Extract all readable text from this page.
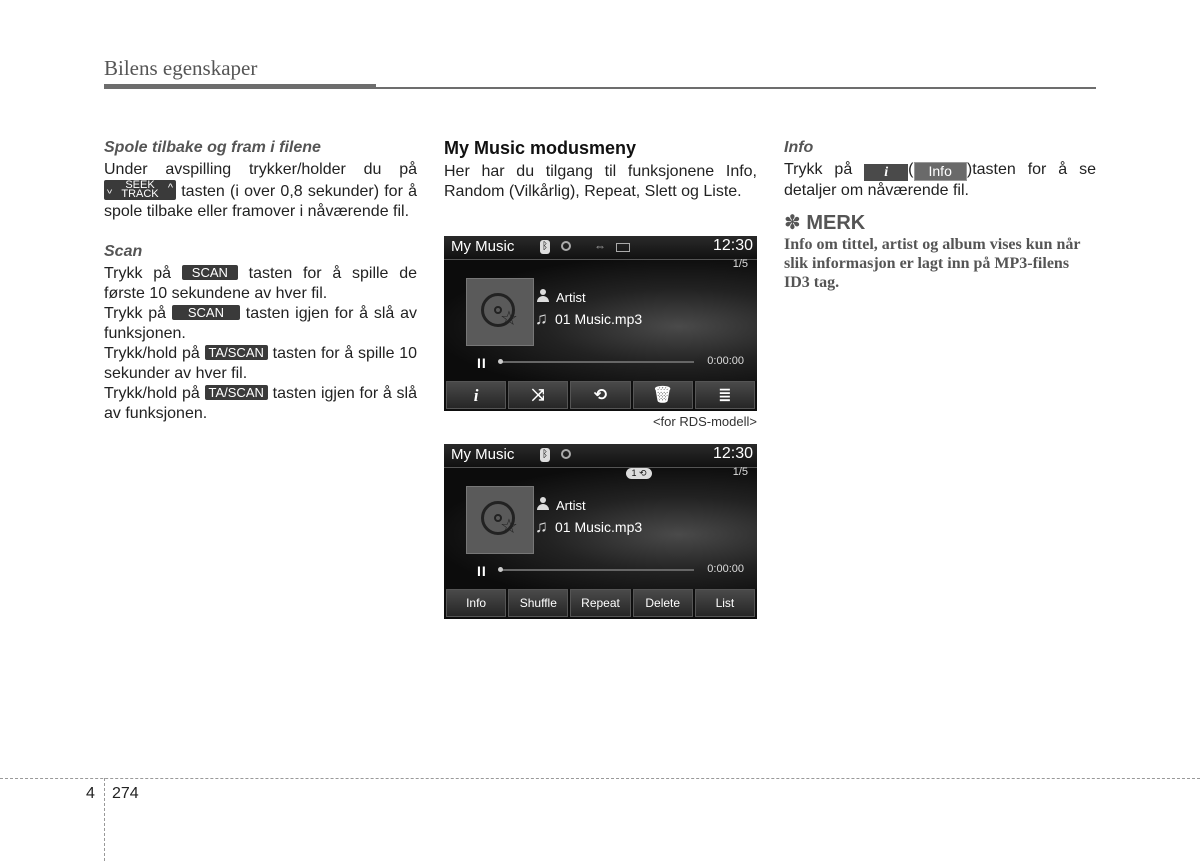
Bilens egenskaper
Spole tilbake og fram i filene

Under avspilling trykker/holder du på
^	SEEK
TRACK ^ tasten (i over 0,8 sekunder) for å spole tilbake eller framover i nåværende fil.

Scan

Trykk på SCAN tasten for å spille de første 10 sekundene av hver fil.

Trykk på SCAN tasten igjen for å slå av funksjonen.

Trykk/hold på TA/SCAN tasten for å spille 10 sekunder av hver fil.

Trykk/hold på TA/SCAN tasten igjen for å slå av funksjonen.

My Music modusmeny

Her har du tilgang til funksjonene Info, Random (Vilkårlig), Repeat, Slett og Liste.

My Music	ᛒ	⇔	12:30
1/5
☆
Artist
♫ 01 Music.mp3
II	0:00:00
i	⤨	⟲	🗑	≣
<for RDS-modell>
My Music	ᛒ	12:30
1 ⟲	1/5
☆
Artist
♫ 01 Music.mp3
II	0:00:00
Info	Shuffle	Repeat	Delete	List
Info

Trykk på i ( Info )tasten for å se detaljer om nåværende fil.

✽ MERK
Info om tittel, artist og album vises kun når slik informasjon er lagt inn på MP3-filens ID3 tag.
4 274
